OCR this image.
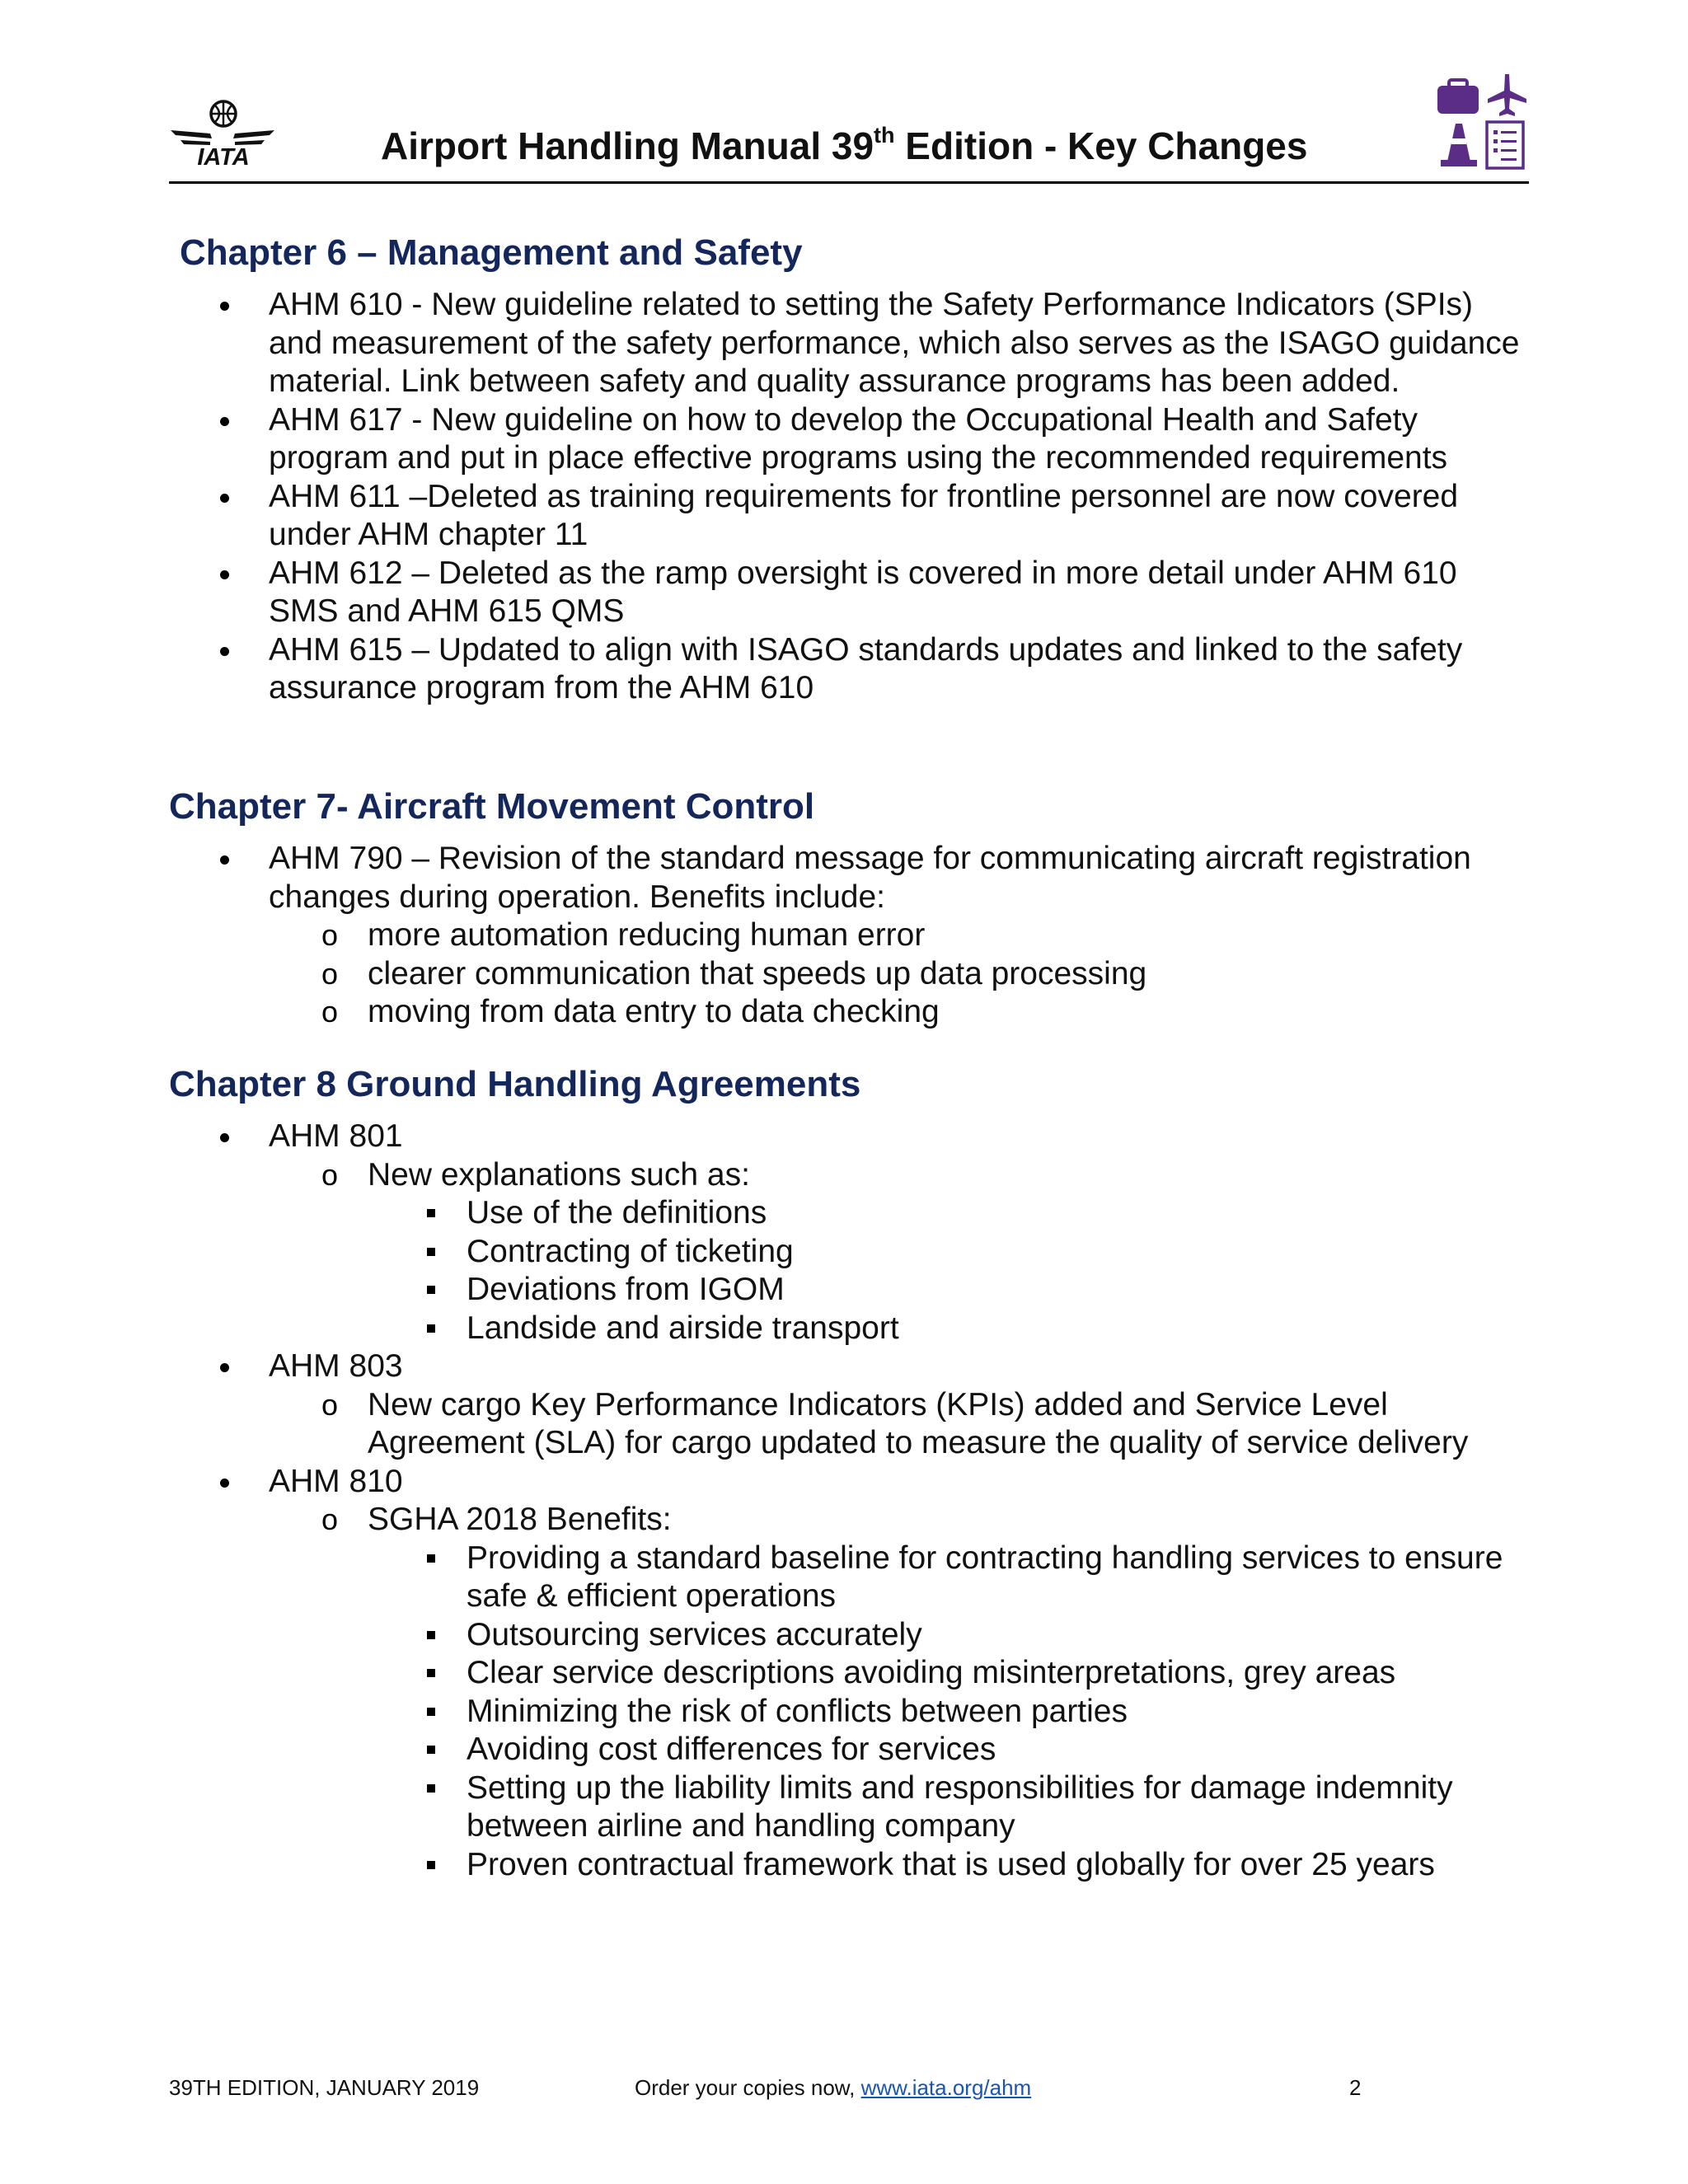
IATA	Airport Handling Manual 39th Edition - Key Changes
Chapter 6 – Management and Safety
AHM 610 - New guideline related to setting the Safety Performance Indicators (SPIs) and measurement of the safety performance, which also serves as the ISAGO guidance material. Link between safety and quality assurance programs has been added.
AHM 617 - New guideline on how to develop the Occupational Health and Safety program and put in place effective programs using the recommended requirements
AHM 611 –Deleted as training requirements for frontline personnel are now covered under AHM chapter 11
AHM 612 – Deleted as the ramp oversight is covered in more detail under AHM 610 SMS and AHM 615 QMS
AHM 615 – Updated to align with ISAGO standards updates and linked to the safety assurance program from the AHM 610
Chapter 7- Aircraft Movement Control
AHM 790 – Revision of the standard message for communicating aircraft registration changes during operation. Benefits include:
o more automation reducing human error
o clearer communication that speeds up data processing
o moving from data entry to data checking
Chapter 8 Ground Handling Agreements
AHM 801
o New explanations such as:
Use of the definitions
Contracting of ticketing
Deviations from IGOM
Landside and airside transport
AHM 803
o New cargo Key Performance Indicators (KPIs) added and Service Level Agreement (SLA) for cargo updated to measure the quality of service delivery
AHM 810
o SGHA 2018 Benefits:
Providing a standard baseline for contracting handling services to ensure safe & efficient operations
Outsourcing services accurately
Clear service descriptions avoiding misinterpretations, grey areas
Minimizing the risk of conflicts between parties
Avoiding cost differences for services
Setting up the liability limits and responsibilities for damage indemnity between airline and handling company
Proven contractual framework that is used globally for over 25 years
39TH EDITION, JANUARY 2019	Order your copies now, www.iata.org/ahm	2
